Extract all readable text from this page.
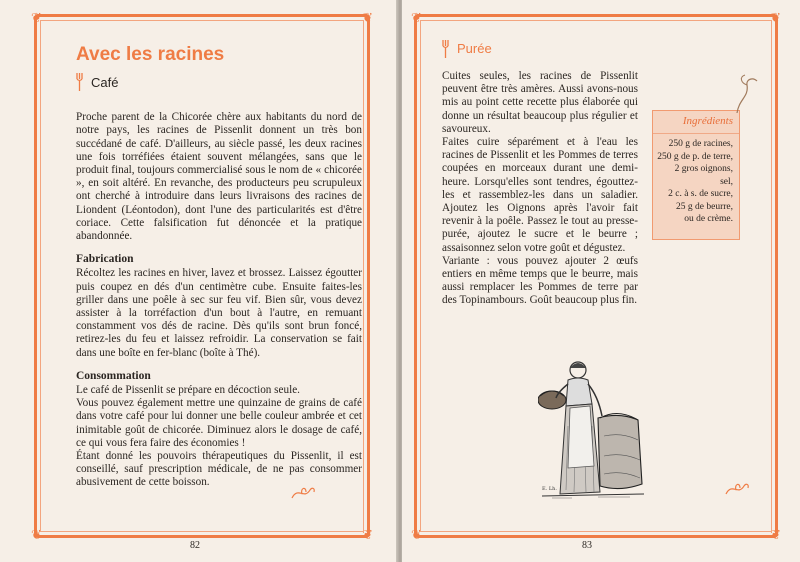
❦	❦
❦	❦
Avec les racines
Café

Proche parent de la Chicorée chère aux habitants du nord de notre pays, les racines de Pissenlit donnent un très bon succédané de café. D'ailleurs, au siècle passé, les deux racines une fois torréfiées étaient souvent mélangées, sans que le produit final, toujours commercialisé sous le nom de « chicorée », en soit altéré. En revanche, des producteurs peu scrupuleux ont cherché à introduire dans leurs livraisons des racines de Liondent (Léontodon), dont l'une des particularités est d'être coriace. Cette falsification fut dénoncée et la pratique abandonnée.

Fabrication

Récoltez les racines en hiver, lavez et brossez. Laissez égoutter puis coupez en dés d'un centimètre cube. Ensuite faites-les griller dans une poêle à sec sur feu vif. Bien sûr, vous devez assister à la torréfaction d'un bout à l'autre, en remuant constamment vos dés de racine. Dès qu'ils sont brun foncé, retirez-les du feu et laissez refroidir. La conservation se fait dans une boîte en fer-blanc (boîte à Thé).

Consommation

Le café de Pissenlit se prépare en décoction seule.

Vous pouvez également mettre une quinzaine de grains de café dans votre café pour lui donner une belle couleur ambrée et cet inimitable goût de chicorée. Diminuez alors le dosage de café, ce qui vous fera faire des économies !

Étant donné les pouvoirs thérapeutiques du Pissenlit, il est conseillé, sauf prescription médicale, de ne pas consommer abusivement de cette boisson.

82
❦	❦
❦	❦
Purée

Cuites seules, les racines de Pissenlit peuvent être très amères. Aussi avons-nous mis au point cette recette plus élaborée qui donne un résultat beaucoup plus régulier et savoureux.

Faites cuire séparément et à l'eau les racines de Pissenlit et les Pommes de terres coupées en morceaux durant une demi-heure. Lorsqu'elles sont tendres, égouttez-les et rassemblez-les dans un saladier. Ajoutez les Oignons après l'avoir fait revenir à la poêle. Passez le tout au presse-purée, ajoutez le sucre et le beurre ; assaisonnez selon votre goût et dégustez.

Variante : vous pouvez ajouter 2 œufs entiers en même temps que le beurre, mais aussi remplacer les Pommes de terre par des Topinambours. Goût beaucoup plus fin.

Ingrédients
250 g de racines,
250 g de p. de terre,
2 gros oignons,
sel,
2 c. à s. de sucre,
25 g de beurre,
ou de crème.
E. Lh.
83
